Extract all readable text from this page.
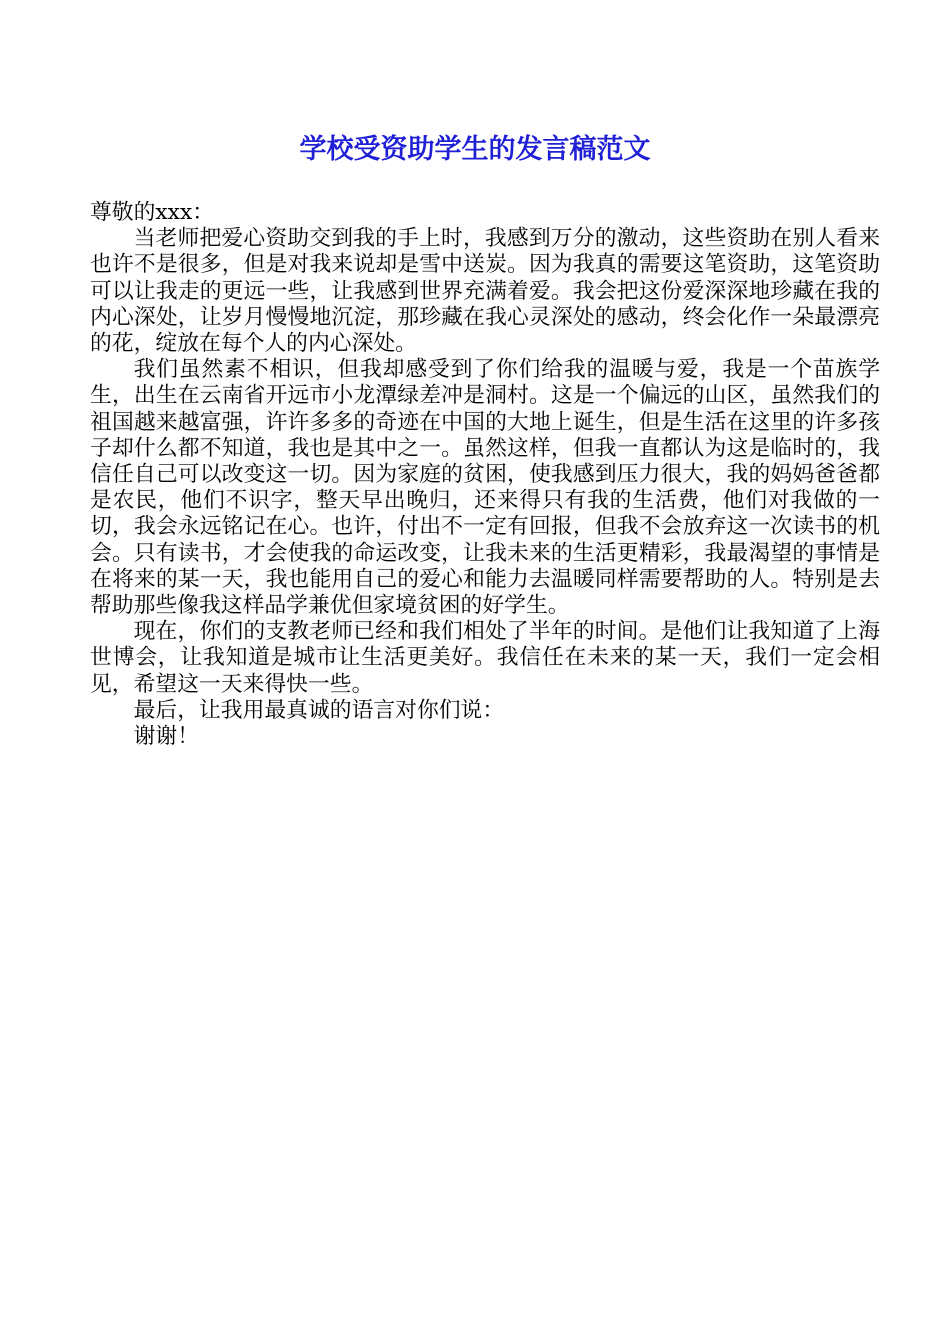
学校受资助学生的发言稿范文

尊敬的xxx：

当老师把爱心资助交到我的手上时，我感到万分的激动，这些资助在别人看来也许不是很多，但是对我来说却是雪中送炭。因为我真的需要这笔资助，这笔资助可以让我走的更远一些，让我感到世界充满着爱。我会把这份爱深深地珍藏在我的内心深处，让岁月慢慢地沉淀，那珍藏在我心灵深处的感动，终会化作一朵最漂亮的花，绽放在每个人的内心深处。

我们虽然素不相识，但我却感受到了你们给我的温暖与爱，我是一个苗族学生，出生在云南省开远市小龙潭绿差冲是洞村。这是一个偏远的山区，虽然我们的祖国越来越富强，许许多多的奇迹在中国的大地上诞生，但是生活在这里的许多孩子却什么都不知道，我也是其中之一。虽然这样，但我一直都认为这是临时的，我信任自己可以改变这一切。因为家庭的贫困，使我感到压力很大，我的妈妈爸爸都是农民，他们不识字，整天早出晚归，还来得只有我的生活费，他们对我做的一切，我会永远铭记在心。也许，付出不一定有回报，但我不会放弃这一次读书的机会。只有读书，才会使我的命运改变，让我未来的生活更精彩，我最渴望的事情是在将来的某一天，我也能用自己的爱心和能力去温暖同样需要帮助的人。特别是去帮助那些像我这样品学兼优但家境贫困的好学生。

现在，你们的支教老师已经和我们相处了半年的时间。是他们让我知道了上海世博会，让我知道是城市让生活更美好。我信任在未来的某一天，我们一定会相见，希望这一天来得快一些。

最后，让我用最真诚的语言对你们说：

谢谢！
